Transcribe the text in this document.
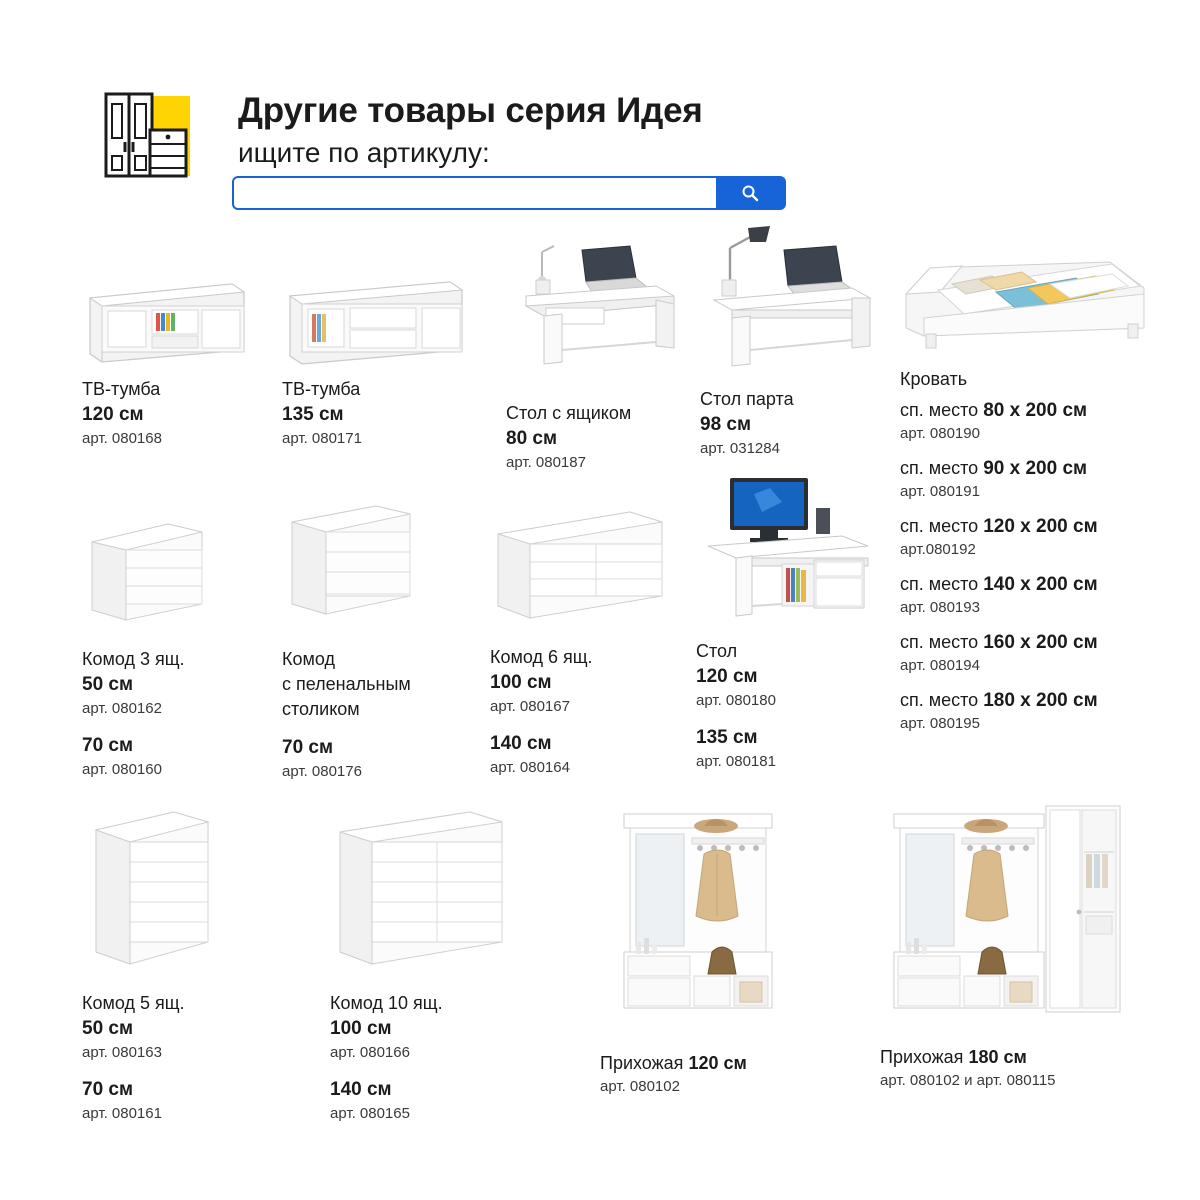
Другие товары серия Идея
ищите по артикулу:
ТВ-тумба
120 см
арт. 080168
ТВ-тумба
135 см
арт. 080171
Стол с ящиком
80 см
арт. 080187
Стол парта
98 см
арт. 031284
Кровать
сп. место 80 х 200 см
арт. 080190
сп. место 90 х 200 см
арт. 080191
сп. место 120 х 200 см
арт.080192
сп. место 140 х 200 см
арт. 080193
сп. место 160 х 200 см
арт. 080194
сп. место 180 х 200 см
арт. 080195
Комод 3 ящ.
50 см
арт. 080162
70 см
арт. 080160
Комод
с пеленальным
столиком
70 см
арт. 080176
Комод 6 ящ.
100 см
арт. 080167
140 см
арт. 080164
Стол
120 см
арт. 080180
135 см
арт. 080181
Комод 5 ящ.
50 см
арт. 080163
70 см
арт. 080161
Комод 10 ящ.
100 см
арт. 080166
140 см
арт. 080165
Прихожая 120 см
арт. 080102
Прихожая 180 см
арт. 080102 и арт. 080115
